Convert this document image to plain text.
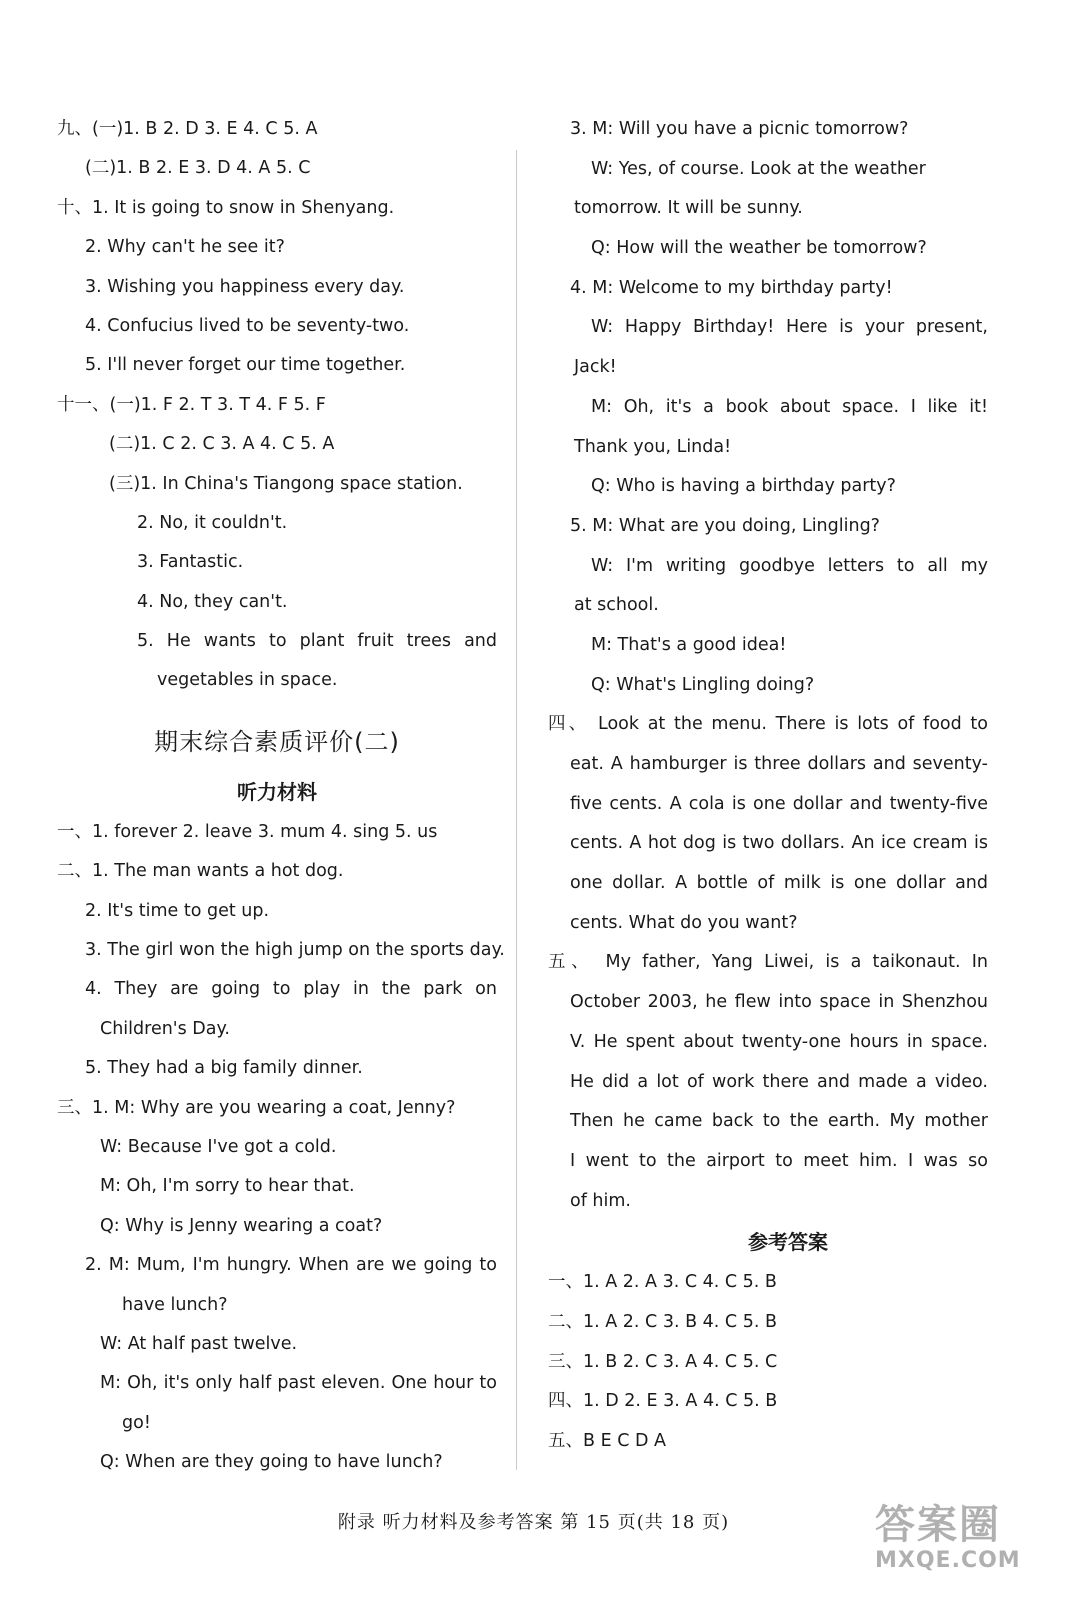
九、(一)1. B 2. D 3. E 4. C 5. A
(二)1. B 2. E 3. D 4. A 5. C
十、1. It is going to snow in Shenyang.
2. Why can't he see it?
3. Wishing you happiness every day.
4. Confucius lived to be seventy-two.
5. I'll never forget our time together.
十一、(一)1. F 2. T 3. T 4. F 5. F
(二)1. C 2. C 3. A 4. C 5. A
(三)1. In China's Tiangong space station.
2. No, it couldn't.
3. Fantastic.
4. No, they can't.
5. He wants to plant fruit trees and
vegetables in space.
期末综合素质评价(二)
听力材料
一、1. forever 2. leave 3. mum 4. sing 5. us
二、1. The man wants a hot dog.
2. It's time to get up.
3. The girl won the high jump on the sports day.
4. They are going to play in the park on
Children's Day.
5. They had a big family dinner.
三、1. M: Why are you wearing a coat, Jenny?
W: Because I've got a cold.
M: Oh, I'm sorry to hear that.
Q: Why is Jenny wearing a coat?
2. M: Mum, I'm hungry. When are we going to
have lunch?
W: At half past twelve.
M: Oh, it's only half past eleven. One hour to
go!
Q: When are they going to have lunch?
3. M: Will you have a picnic tomorrow?
W: Yes, of course. Look at the weather
tomorrow. It will be sunny.
Q: How will the weather be tomorrow?
4. M: Welcome to my birthday party!
W: Happy Birthday! Here is your present,
Jack!
M: Oh, it's a book about space. I like it!
Thank you, Linda!
Q: Who is having a birthday party?
5. M: What are you doing, Lingling?
W: I'm writing goodbye letters to all my
at school.
M: That's a good idea!
Q: What's Lingling doing?
四、 Look at the menu. There is lots of food to
eat. A hamburger is three dollars and seventy-
five cents. A cola is one dollar and twenty-five
cents. A hot dog is two dollars. An ice cream is
one dollar. A bottle of milk is one dollar and
cents. What do you want?
五、 My father, Yang Liwei, is a taikonaut. In
October 2003, he flew into space in Shenzhou
V. He spent about twenty-one hours in space.
He did a lot of work there and made a video.
Then he came back to the earth. My mother
I went to the airport to meet him. I was so
of him.
参考答案
一、1. A 2. A 3. C 4. C 5. B
二、1. A 2. C 3. B 4. C 5. B
三、1. B 2. C 3. A 4. C 5. C
四、1. D 2. E 3. A 4. C 5. B
五、B E C D A
附录 听力材料及参考答案 第 15 页(共 18 页)	答案圈
MXQE.COM
